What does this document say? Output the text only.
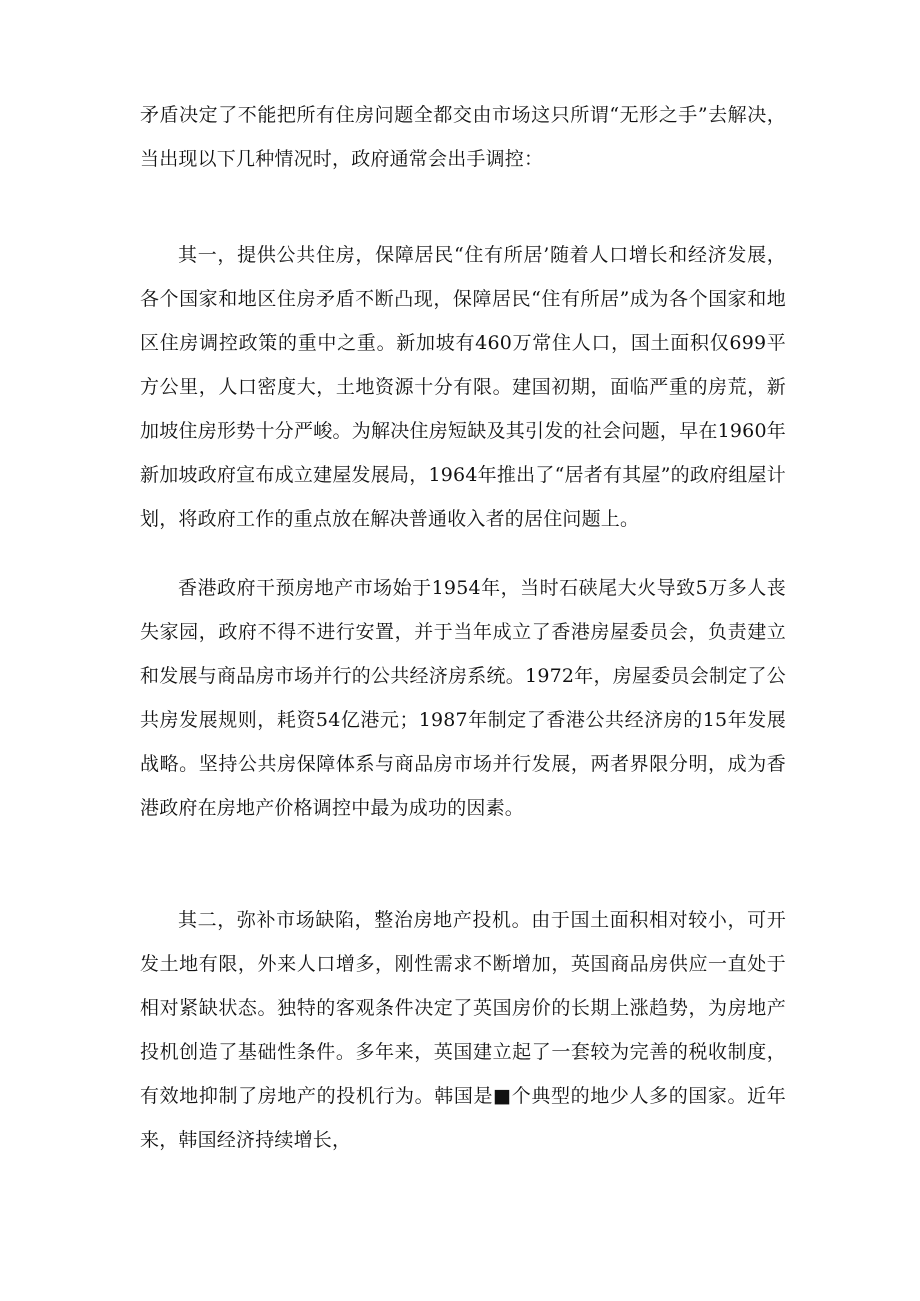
矛盾决定了不能把所有住房问题全都交由市场这只所谓“无形之手”去解决，当出现以下几种情况时，政府通常会出手调控：

其一，提供公共住房，保障居民“住有所居’随着人口增长和经济发展，各个国家和地区住房矛盾不断凸现，保障居民“住有所居”成为各个国家和地区住房调控政策的重中之重。新加坡有460万常住人口，国土面积仅699平方公里，人口密度大，土地资源十分有限。建国初期，面临严重的房荒，新加坡住房形势十分严峻。为解决住房短缺及其引发的社会问题，早在1960年新加坡政府宣布成立建屋发展局，1964年推出了“居者有其屋”的政府组屋计划，将政府工作的重点放在解决普通收入者的居住问题上。

香港政府干预房地产市场始于1954年，当时石硖尾大火导致5万多人丧失家园，政府不得不进行安置，并于当年成立了香港房屋委员会，负责建立和发展与商品房市场并行的公共经济房系统。1972年，房屋委员会制定了公共房发展规则，耗资54亿港元；1987年制定了香港公共经济房的15年发展战略。坚持公共房保障体系与商品房市场并行发展，两者界限分明，成为香港政府在房地产价格调控中最为成功的因素。

其二，弥补市场缺陷，整治房地产投机。由于国土面积相对较小，可开发土地有限，外来人口增多，刚性需求不断增加，英国商品房供应一直处于相对紧缺状态。独特的客观条件决定了英国房价的长期上涨趋势，为房地产投机创造了基础性条件。多年来，英国建立起了一套较为完善的税收制度，有效地抑制了房地产的投机行为。韩国是■个典型的地少人多的国家。近年来，韩国经济持续增长，
